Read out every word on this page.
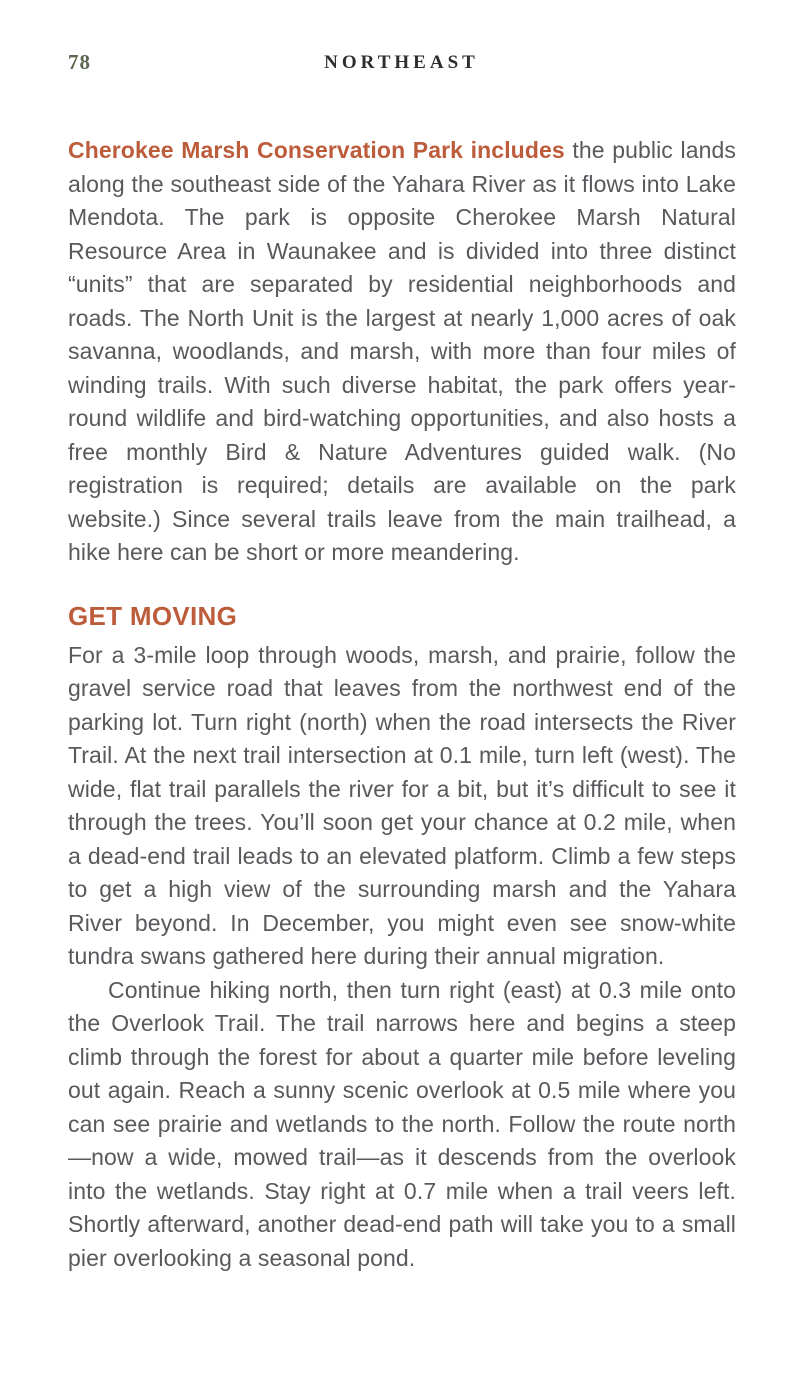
78	NORTHEAST

Cherokee Marsh Conservation Park includes the public lands along the southeast side of the Yahara River as it flows into Lake Mendota. The park is opposite Cherokee Marsh Natural Resource Area in Waunakee and is divided into three distinct “units” that are separated by residential neighborhoods and roads. The North Unit is the largest at nearly 1,000 acres of oak savanna, woodlands, and marsh, with more than four miles of winding trails. With such diverse habitat, the park offers year-round wildlife and bird-watching opportunities, and also hosts a free monthly Bird & Nature Adventures guided walk. (No registration is required; details are available on the park website.) Since several trails leave from the main trailhead, a hike here can be short or more meandering.

GET MOVING

For a 3-mile loop through woods, marsh, and prairie, follow the gravel service road that leaves from the northwest end of the parking lot. Turn right (north) when the road intersects the River Trail. At the next trail intersection at 0.1 mile, turn left (west). The wide, flat trail parallels the river for a bit, but it’s difficult to see it through the trees. You’ll soon get your chance at 0.2 mile, when a dead-end trail leads to an elevated platform. Climb a few steps to get a high view of the surrounding marsh and the Yahara River beyond. In December, you might even see snow-white tundra swans gathered here during their annual migration.

Continue hiking north, then turn right (east) at 0.3 mile onto the Overlook Trail. The trail narrows here and begins a steep climb through the forest for about a quarter mile before leveling out again. Reach a sunny scenic overlook at 0.5 mile where you can see prairie and wetlands to the north. Follow the route north—now a wide, mowed trail—as it descends from the overlook into the wetlands. Stay right at 0.7 mile when a trail veers left. Shortly afterward, another dead-end path will take you to a small pier overlooking a seasonal pond.
